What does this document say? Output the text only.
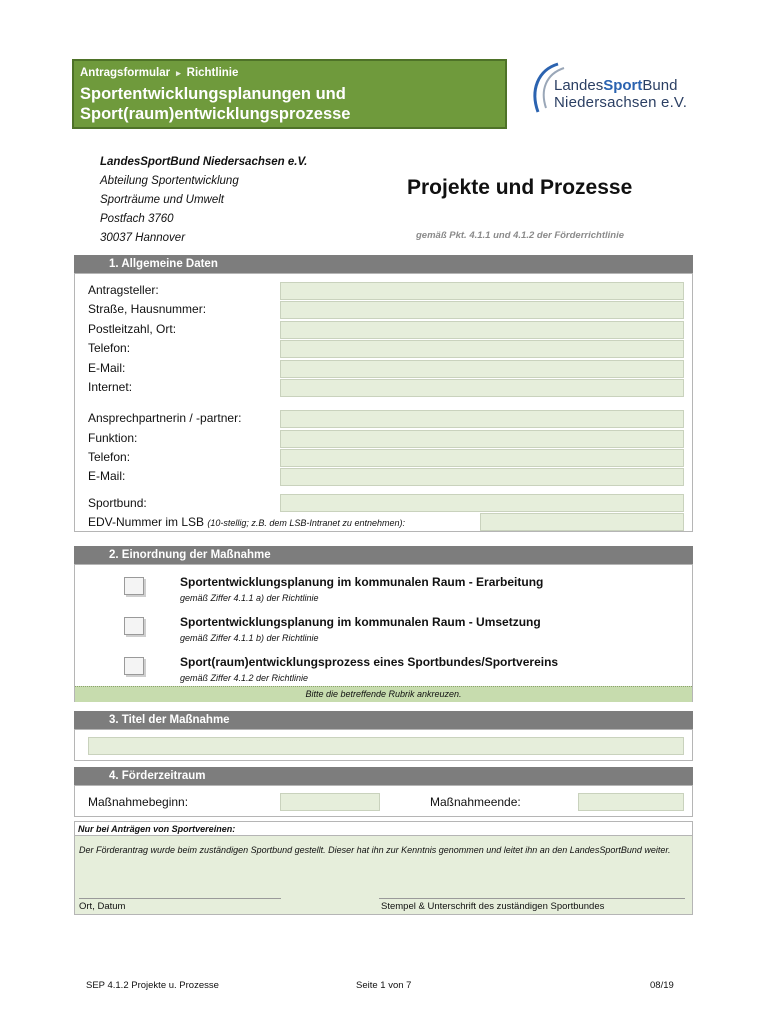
Antragsformular ▸ Richtlinie
Sportentwicklungsplanungen und
Sport(raum)entwicklungsprozesse
LandesSportBund
Niedersachsen e.V.
LandesSportBund Niedersachsen e.V.
Abteilung Sportentwicklung
Sporträume und Umwelt
Postfach 3760
30037 Hannover
Projekte und Prozesse
gemäß Pkt. 4.1.1 und 4.1.2 der Förderrichtlinie
1. Allgemeine Daten
Antragsteller:
Straße, Hausnummer:
Postleitzahl, Ort:
Telefon:
E-Mail:
Internet:
Ansprechpartnerin / -partner:
Funktion:
Telefon:
E-Mail:
Sportbund:
EDV-Nummer im LSB (10-stellig; z.B. dem LSB-Intranet zu entnehmen):
2. Einordnung der Maßnahme
Sportentwicklungsplanung im kommunalen Raum - Erarbeitung
gemäß Ziffer 4.1.1 a) der Richtlinie
Sportentwicklungsplanung im kommunalen Raum - Umsetzung
gemäß Ziffer 4.1.1 b) der Richtlinie
Sport(raum)entwicklungsprozess eines Sportbundes/Sportvereins
gemäß Ziffer 4.1.2 der Richtlinie
Bitte die betreffende Rubrik ankreuzen.
3. Titel der Maßnahme
4. Förderzeitraum
Maßnahmebeginn:	Maßnahmeende:
Nur bei Anträgen von Sportvereinen:
Der Förderantrag wurde beim zuständigen Sportbund gestellt. Dieser hat ihn zur Kenntnis genommen und leitet ihn an den LandesSportBund weiter.
Ort, Datum	Stempel & Unterschrift des zuständigen Sportbundes
SEP 4.1.2 Projekte u. Prozesse	Seite 1 von 7	08/19
